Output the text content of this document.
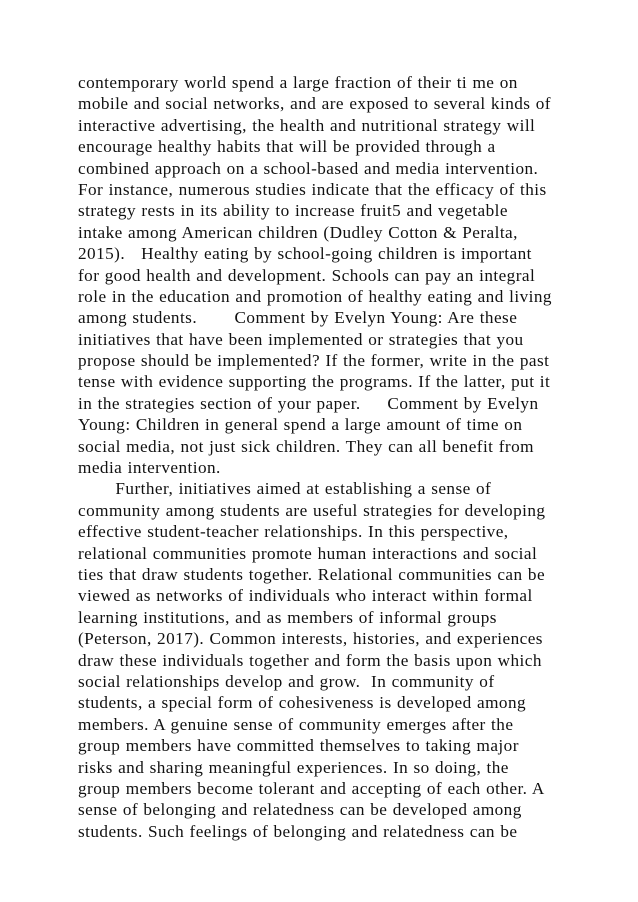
contemporary world spend a large fraction of their ti me on
mobile and social networks, and are exposed to several kinds of
interactive advertising, the health and nutritional strategy will
encourage healthy habits that will be provided through a
combined approach on a school-based and media intervention.
For instance, numerous studies indicate that the efficacy of this
strategy rests in its ability to increase fruit5 and vegetable
intake among American children (Dudley Cotton & Peralta,
2015).   Healthy eating by school-going children is important
for good health and development. Schools can pay an integral
role in the education and promotion of healthy eating and living
among students.       Comment by Evelyn Young: Are these
initiatives that have been implemented or strategies that you
propose should be implemented? If the former, write in the past
tense with evidence supporting the programs. If the latter, put it
in the strategies section of your paper.     Comment by Evelyn
Young: Children in general spend a large amount of time on
social media, not just sick children. They can all benefit from
media intervention.
Further, initiatives aimed at establishing a sense of
community among students are useful strategies for developing
effective student-teacher relationships. In this perspective,
relational communities promote human interactions and social
ties that draw students together. Relational communities can be
viewed as networks of individuals who interact within formal
learning institutions, and as members of informal groups
(Peterson, 2017). Common interests, histories, and experiences
draw these individuals together and form the basis upon which
social relationships develop and grow.  In community of
students, a special form of cohesiveness is developed among
members. A genuine sense of community emerges after the
group members have committed themselves to taking major
risks and sharing meaningful experiences. In so doing, the
group members become tolerant and accepting of each other. A
sense of belonging and relatedness can be developed among
students. Such feelings of belonging and relatedness can be
